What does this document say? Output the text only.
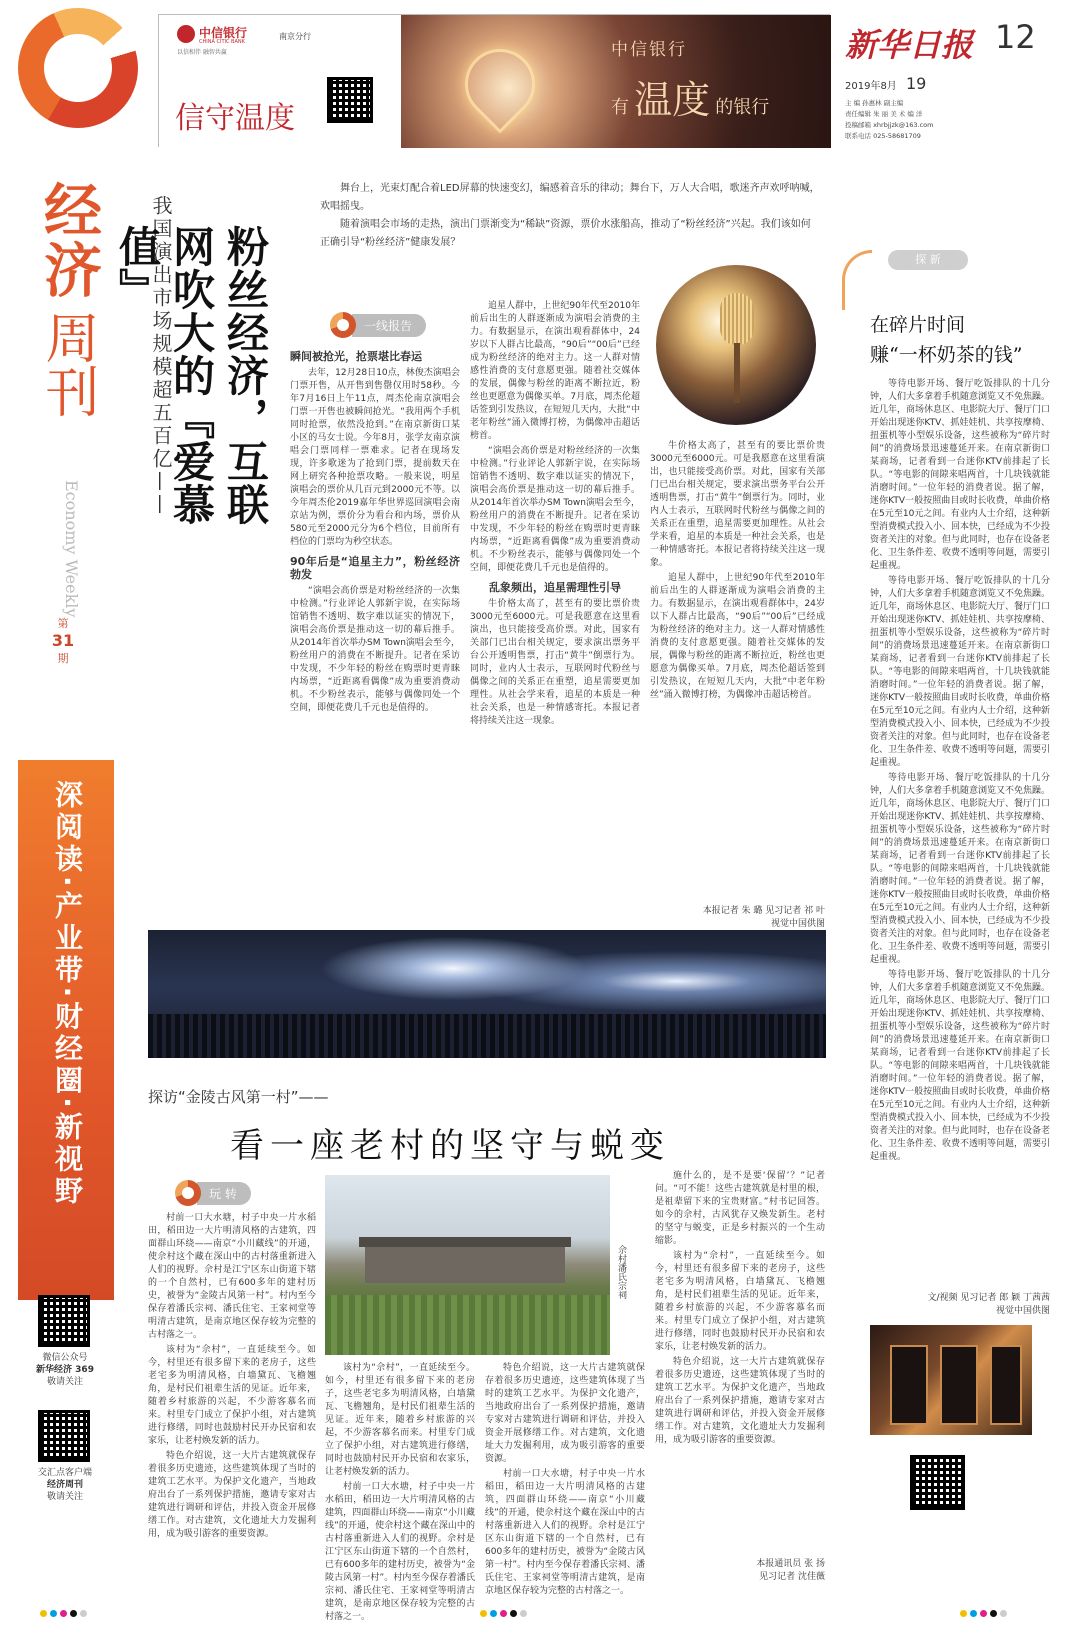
经济
周刊
Economy Weekly
第
31
期
深阅读·产业带·财经圈·新视野
微信公众号
新华经济 369
敬请关注
交汇点客户端
经济周刊
敬请关注
中信银行
CHINA CITIC BANK
南京分行
以信相伴 融智共赢
信守温度
中信银行
有 温度 的银行
新华日报 12
2019年8月 19
主 编 孙惠林 副主编
责任编辑 朱 丽 美 术 编 洋
投稿邮箱 xhrbjjzk@163.com
联系电话 025-58681709

舞台上，光束灯配合着LED屏幕的快速变幻，编感着音乐的律动；舞台下，万人大合唱，歌迷齐声欢呼呐喊，欢唱摇曳。

随着演唱会市场的走热，演出门票渐变为“稀缺”资源，票价水涨船高，推动了“粉丝经济”兴起。我们该如何正确引导“粉丝经济”健康发展？

我国演出市场规模超五百亿——	粉丝经济，互联网吹大的『爱慕值』
一线报告
瞬间被抢光，抢票堪比春运

去年，12月28日10点，林俊杰演唱会门票开售，从开售到售罄仅用时58秒。今年7月16日上午11点，周杰伦南京演唱会门票一开售也被瞬间抢光。“我用两个手机同时抢票，依然没抢到。”在南京新街口某小区的马女士说。今年8月，张学友南京演唱会门票同样一票难求。记者在现场发现，许多歌迷为了抢到门票，提前数天在网上研究各种抢票攻略。一般来说，明星演唱会的票价从几百元到2000元不等。以今年周杰伦2019嘉年华世界巡回演唱会南京站为例，票价分为看台和内场，票价从580元至2000元分为6个档位，目前所有档位的门票均为秒空状态。

90年后是“追星主力”，粉丝经济勃发

“演唱会高价票是对粉丝经济的一次集中检测。”行业评论人郭新宇说，在实际场馆销售不透明、数字难以证实的情况下，演唱会高价票是推动这一切的幕后推手。从2014年首次举办SM Town演唱会至今，粉丝用户的消费在不断提升。记者在采访中发现，不少年轻的粉丝在购票时更青睐内场票，“近距离看偶像”成为重要消费动机。不少粉丝表示，能够与偶像同处一个空间，即便花费几千元也是值得的。

追星人群中，上世纪90年代至2010年前后出生的人群逐渐成为演唱会消费的主力。有数据显示，在演出观看群体中，24岁以下人群占比最高，“90后”“00后”已经成为粉丝经济的绝对主力。这一人群对情感性消费的支付意愿更强。随着社交媒体的发展，偶像与粉丝的距离不断拉近，粉丝也更愿意为偶像买单。7月底，周杰伦超话签到引发热议，在短短几天内，大批“中老年粉丝”涌入微博打榜，为偶像冲击超话榜首。

“演唱会高价票是对粉丝经济的一次集中检测。”行业评论人郭新宇说，在实际场馆销售不透明、数字难以证实的情况下，演唱会高价票是推动这一切的幕后推手。从2014年首次举办SM Town演唱会至今，粉丝用户的消费在不断提升。记者在采访中发现，不少年轻的粉丝在购票时更青睐内场票，“近距离看偶像”成为重要消费动机。不少粉丝表示，能够与偶像同处一个空间，即便花费几千元也是值得的。

乱象频出，追星需理性引导

牛价格太高了，甚至有的要比票价贵3000元至6000元。可是我愿意在这里看演出，也只能接受高价票。对此，国家有关部门已出台相关规定，要求演出票务平台公开透明售票，打击“黄牛”倒票行为。同时，业内人士表示，互联网时代粉丝与偶像之间的关系正在重塑，追星需要更加理性。从社会学来看，追星的本质是一种社会关系，也是一种情感寄托。本报记者将持续关注这一现象。

牛价格太高了，甚至有的要比票价贵3000元至6000元。可是我愿意在这里看演出，也只能接受高价票。对此，国家有关部门已出台相关规定，要求演出票务平台公开透明售票，打击“黄牛”倒票行为。同时，业内人士表示，互联网时代粉丝与偶像之间的关系正在重塑，追星需要更加理性。从社会学来看，追星的本质是一种社会关系，也是一种情感寄托。本报记者将持续关注这一现象。

追星人群中，上世纪90年代至2010年前后出生的人群逐渐成为演唱会消费的主力。有数据显示，在演出观看群体中，24岁以下人群占比最高，“90后”“00后”已经成为粉丝经济的绝对主力。这一人群对情感性消费的支付意愿更强。随着社交媒体的发展，偶像与粉丝的距离不断拉近，粉丝也更愿意为偶像买单。7月底，周杰伦超话签到引发热议，在短短几天内，大批“中老年粉丝”涌入微博打榜，为偶像冲击超话榜首。

本报记者 朱 璐 见习记者 祁 叶
视觉中国供图
探 新
在碎片时间
赚“一杯奶茶的钱”

等待电影开场、餐厅吃饭排队的十几分钟，人们大多拿着手机随意浏览又不免焦躁。近几年，商场休息区、电影院大厅、餐厅门口开始出现迷你KTV、抓娃娃机、共享按摩椅、扭蛋机等小型娱乐设备，这些被称为“碎片时间”的消费场景迅速蔓延开来。在南京新街口某商场，记者看到一台迷你KTV前排起了长队。“等电影的间隙来唱两首，十几块钱就能消磨时间。”一位年轻的消费者说。据了解，迷你KTV一般按照曲目或时长收费，单曲价格在5元至10元之间。有业内人士介绍，这种新型消费模式投入小、回本快，已经成为不少投资者关注的对象。但与此同时，也存在设备老化、卫生条件差、收费不透明等问题，需要引起重视。

等待电影开场、餐厅吃饭排队的十几分钟，人们大多拿着手机随意浏览又不免焦躁。近几年，商场休息区、电影院大厅、餐厅门口开始出现迷你KTV、抓娃娃机、共享按摩椅、扭蛋机等小型娱乐设备，这些被称为“碎片时间”的消费场景迅速蔓延开来。在南京新街口某商场，记者看到一台迷你KTV前排起了长队。“等电影的间隙来唱两首，十几块钱就能消磨时间。”一位年轻的消费者说。据了解，迷你KTV一般按照曲目或时长收费，单曲价格在5元至10元之间。有业内人士介绍，这种新型消费模式投入小、回本快，已经成为不少投资者关注的对象。但与此同时，也存在设备老化、卫生条件差、收费不透明等问题，需要引起重视。

等待电影开场、餐厅吃饭排队的十几分钟，人们大多拿着手机随意浏览又不免焦躁。近几年，商场休息区、电影院大厅、餐厅门口开始出现迷你KTV、抓娃娃机、共享按摩椅、扭蛋机等小型娱乐设备，这些被称为“碎片时间”的消费场景迅速蔓延开来。在南京新街口某商场，记者看到一台迷你KTV前排起了长队。“等电影的间隙来唱两首，十几块钱就能消磨时间。”一位年轻的消费者说。据了解，迷你KTV一般按照曲目或时长收费，单曲价格在5元至10元之间。有业内人士介绍，这种新型消费模式投入小、回本快，已经成为不少投资者关注的对象。但与此同时，也存在设备老化、卫生条件差、收费不透明等问题，需要引起重视。

等待电影开场、餐厅吃饭排队的十几分钟，人们大多拿着手机随意浏览又不免焦躁。近几年，商场休息区、电影院大厅、餐厅门口开始出现迷你KTV、抓娃娃机、共享按摩椅、扭蛋机等小型娱乐设备，这些被称为“碎片时间”的消费场景迅速蔓延开来。在南京新街口某商场，记者看到一台迷你KTV前排起了长队。“等电影的间隙来唱两首，十几块钱就能消磨时间。”一位年轻的消费者说。据了解，迷你KTV一般按照曲目或时长收费，单曲价格在5元至10元之间。有业内人士介绍，这种新型消费模式投入小、回本快，已经成为不少投资者关注的对象。但与此同时，也存在设备老化、卫生条件差、收费不透明等问题，需要引起重视。

文/视频 见习记者 郎 颖 丁茜茜
视觉中国供图
探访“金陵古风第一村”——
看一座老村的坚守与蜕变
玩 转
佘村潘氏宗祠

村前一口大水塘，村子中央一片水稻田，稻田边一大片明清风格的古建筑，四面群山环绕——南京“小川藏线”的开通，使佘村这个藏在深山中的古村落重新进入人们的视野。佘村是江宁区东山街道下辖的一个自然村，已有600多年的建村历史，被誉为“金陵古风第一村”。村内至今保存着潘氏宗祠、潘氏住宅、王家祠堂等明清古建筑，是南京地区保存较为完整的古村落之一。

该村为“佘村”，一直延续至今。如今，村里还有很多留下来的老房子，这些老宅多为明清风格，白墙黛瓦、飞檐翘角，是村民们祖辈生活的见证。近年来，随着乡村旅游的兴起，不少游客慕名而来。村里专门成立了保护小组，对古建筑进行修缮，同时也鼓励村民开办民宿和农家乐，让老村焕发新的活力。

特色介绍说，这一大片古建筑就保存着很多历史遗迹，这些建筑体现了当时的建筑工艺水平。为保护文化遗产，当地政府出台了一系列保护措施，邀请专家对古建筑进行调研和评估，并投入资金开展修缮工作。对古建筑，文化遗址大力发掘利用，成为吸引游客的重要资源。

该村为“佘村”，一直延续至今。如今，村里还有很多留下来的老房子，这些老宅多为明清风格，白墙黛瓦、飞檐翘角，是村民们祖辈生活的见证。近年来，随着乡村旅游的兴起，不少游客慕名而来。村里专门成立了保护小组，对古建筑进行修缮，同时也鼓励村民开办民宿和农家乐，让老村焕发新的活力。

村前一口大水塘，村子中央一片水稻田，稻田边一大片明清风格的古建筑，四面群山环绕——南京“小川藏线”的开通，使佘村这个藏在深山中的古村落重新进入人们的视野。佘村是江宁区东山街道下辖的一个自然村，已有600多年的建村历史，被誉为“金陵古风第一村”。村内至今保存着潘氏宗祠、潘氏住宅、王家祠堂等明清古建筑，是南京地区保存较为完整的古村落之一。

特色介绍说，这一大片古建筑就保存着很多历史遗迹，这些建筑体现了当时的建筑工艺水平。为保护文化遗产，当地政府出台了一系列保护措施，邀请专家对古建筑进行调研和评估，并投入资金开展修缮工作。对古建筑，文化遗址大力发掘利用，成为吸引游客的重要资源。

村前一口大水塘，村子中央一片水稻田，稻田边一大片明清风格的古建筑，四面群山环绕——南京“小川藏线”的开通，使佘村这个藏在深山中的古村落重新进入人们的视野。佘村是江宁区东山街道下辖的一个自然村，已有600多年的建村历史，被誉为“金陵古风第一村”。村内至今保存着潘氏宗祠、潘氏住宅、王家祠堂等明清古建筑，是南京地区保存较为完整的古村落之一。

施什么的，是不是要‘保留’？”记者问。“可不能！这些古建筑就是村里的根，是祖辈留下来的宝贵财富。”村书记回答。如今的佘村，古风犹存又焕发新生。老村的坚守与蜕变，正是乡村振兴的一个生动缩影。

该村为“佘村”，一直延续至今。如今，村里还有很多留下来的老房子，这些老宅多为明清风格，白墙黛瓦、飞檐翘角，是村民们祖辈生活的见证。近年来，随着乡村旅游的兴起，不少游客慕名而来。村里专门成立了保护小组，对古建筑进行修缮，同时也鼓励村民开办民宿和农家乐，让老村焕发新的活力。

特色介绍说，这一大片古建筑就保存着很多历史遗迹，这些建筑体现了当时的建筑工艺水平。为保护文化遗产，当地政府出台了一系列保护措施，邀请专家对古建筑进行调研和评估，并投入资金开展修缮工作。对古建筑，文化遗址大力发掘利用，成为吸引游客的重要资源。

本报通讯员 张 扬
见习记者 沈佳薇
